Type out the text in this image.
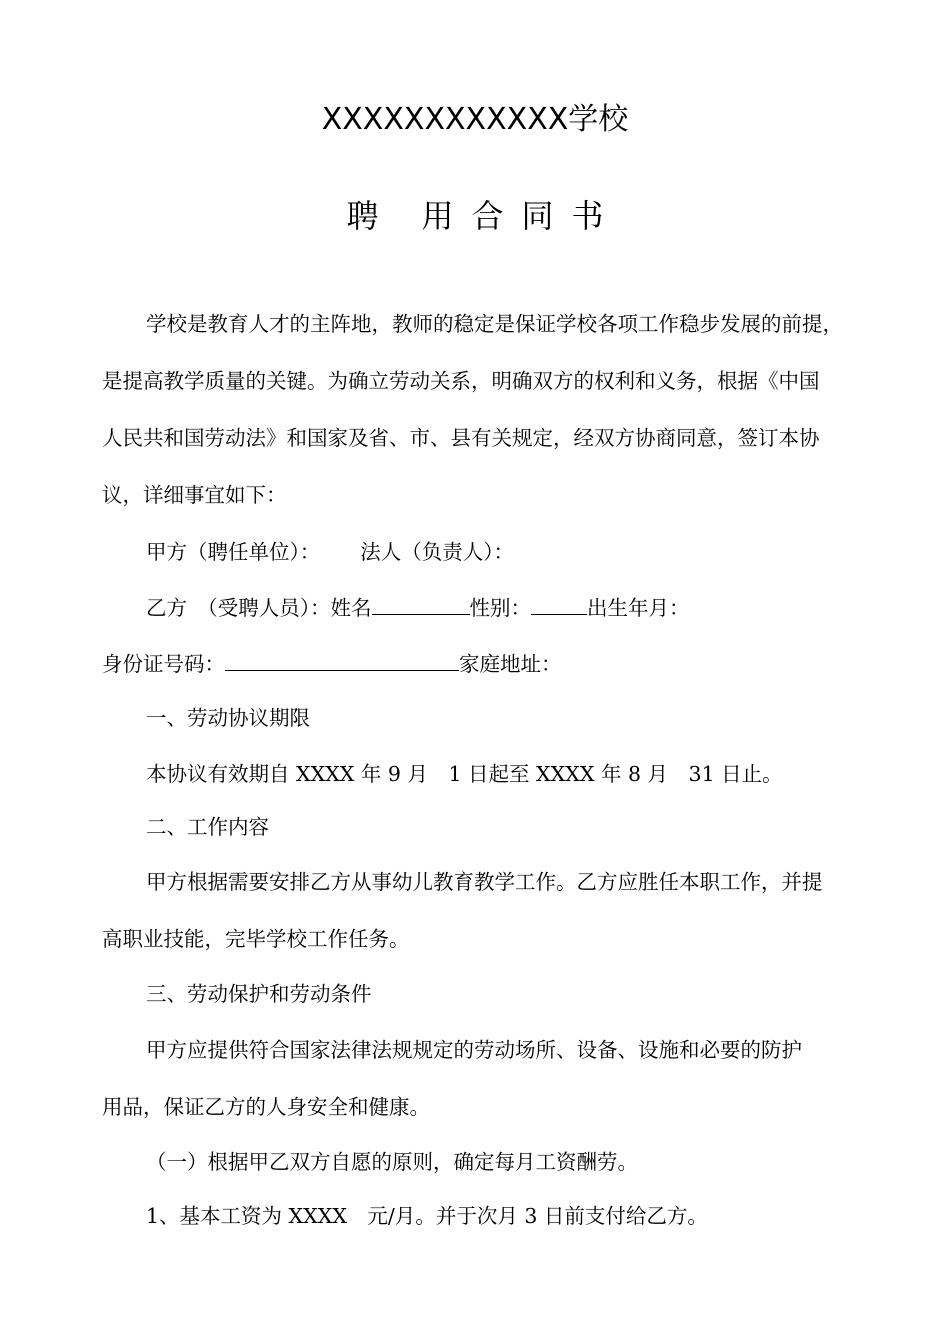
XXXXXXXXXXXX学校
聘 用 合 同 书
学校是教育人才的主阵地，教师的稳定是保证学校各项工作稳步发展的前提，
是提高教学质量的关键。为确立劳动关系，明确双方的权利和义务，根据《中国
人民共和国劳动法》和国家及省、市、县有关规定，经双方协商同意，签订本协
议，详细事宜如下：
甲方（聘任单位）： 法人（负责人）：
乙方　（受聘人员）：姓名	性别：	出生年月：
身份证号码：	家庭地址：
一、劳动协议期限
本协议有效期自 XXXX 年 9 月　1 日起至 XXXX 年 8 月　31 日止。
二、工作内容
甲方根据需要安排乙方从事幼儿教育教学工作。乙方应胜任本职工作，并提
高职业技能，完毕学校工作任务。
三、劳动保护和劳动条件
甲方应提供符合国家法律法规规定的劳动场所、设备、设施和必要的防护
用品，保证乙方的人身安全和健康。
（一）根据甲乙双方自愿的原则，确定每月工资酬劳。
1、基本工资为 XXXX　元/月。并于次月 3 日前支付给乙方。
